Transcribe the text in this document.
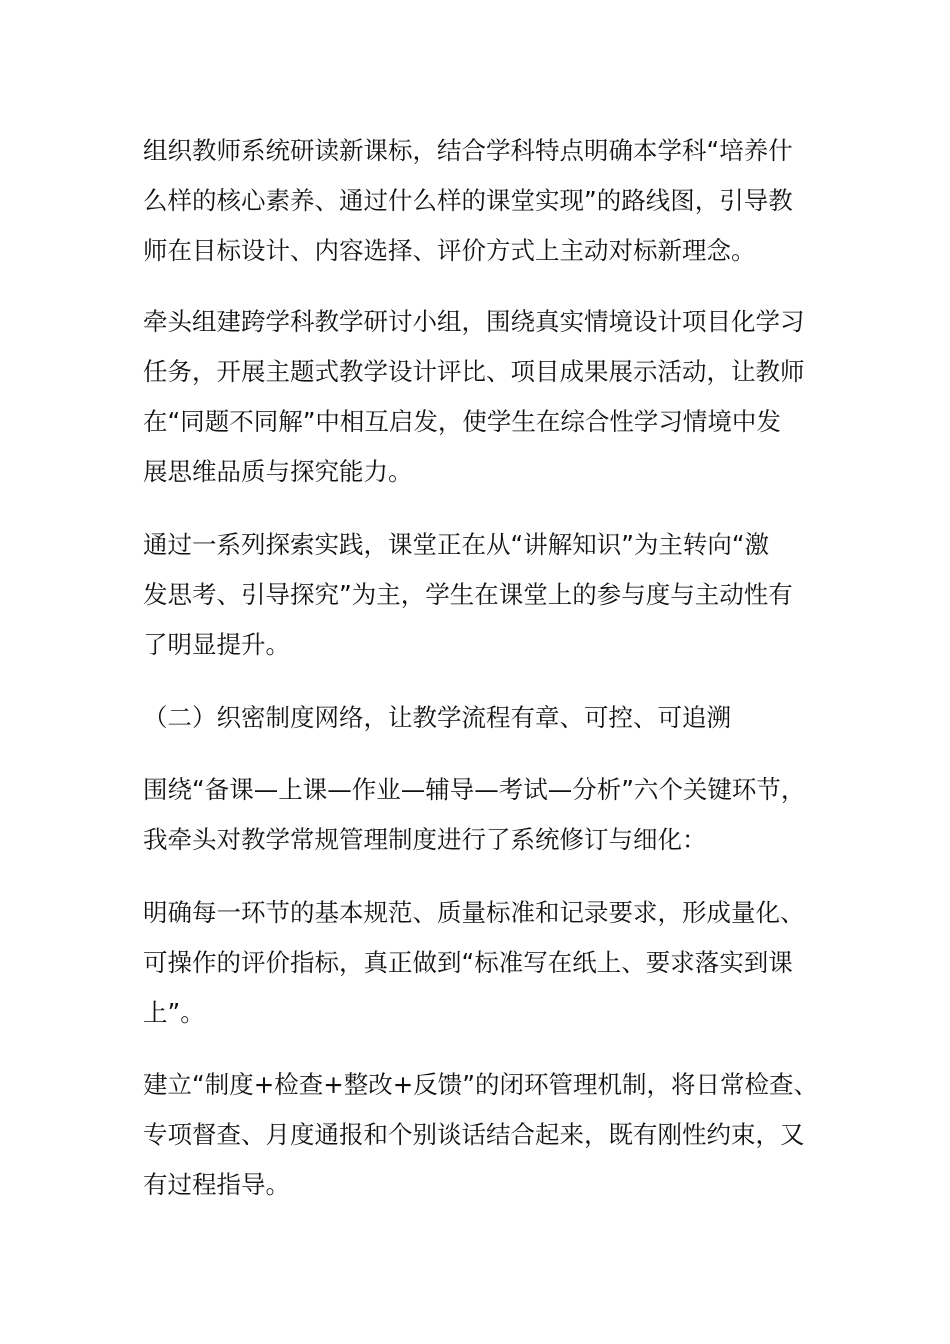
组织教师系统研读新课标，结合学科特点明确本学科“培养什
么样的核心素养、通过什么样的课堂实现”的路线图，引导教
师在目标设计、内容选择、评价方式上主动对标新理念。

牵头组建跨学科教学研讨小组，围绕真实情境设计项目化学习
任务，开展主题式教学设计评比、项目成果展示活动，让教师
在“同题不同解”中相互启发，使学生在综合性学习情境中发
展思维品质与探究能力。

通过一系列探索实践，课堂正在从“讲解知识”为主转向“激
发思考、引导探究”为主，学生在课堂上的参与度与主动性有
了明显提升。

（二）织密制度网络，让教学流程有章、可控、可追溯

围绕“备课—上课—作业—辅导—考试—分析”六个关键环节，
我牵头对教学常规管理制度进行了系统修订与细化：

明确每一环节的基本规范、质量标准和记录要求，形成量化、
可操作的评价指标，真正做到“标准写在纸上、要求落实到课
上”。

建立“制度+检查+整改+反馈”的闭环管理机制，将日常检查、
专项督查、月度通报和个别谈话结合起来，既有刚性约束，又
有过程指导。
